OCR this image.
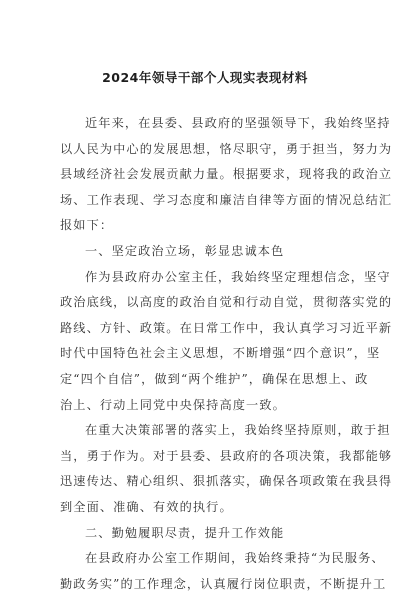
2024年领导干部个人现实表现材料

近年来，在县委、县政府的坚强领导下，我始终坚持
以人民为中心的发展思想，恪尽职守，勇于担当，努力为
县域经济社会发展贡献力量。根据要求，现将我的政治立
场、工作表现、学习态度和廉洁自律等方面的情况总结汇
报如下：

一、坚定政治立场，彰显忠诚本色

作为县政府办公室主任，我始终坚定理想信念，坚守
政治底线，以高度的政治自觉和行动自觉，贯彻落实党的
路线、方针、政策。在日常工作中，我认真学习习近平新
时代中国特色社会主义思想，不断增强“四个意识”，坚
定“四个自信”，做到“两个维护”，确保在思想上、政
治上、行动上同党中央保持高度一致。

在重大决策部署的落实上，我始终坚持原则，敢于担
当，勇于作为。对于县委、县政府的各项决策，我都能够
迅速传达、精心组织、狠抓落实，确保各项政策在我县得
到全面、准确、有效的执行。

二、勤勉履职尽责，提升工作效能

在县政府办公室工作期间，我始终秉持“为民服务、
勤政务实”的工作理念，认真履行岗位职责，不断提升工
